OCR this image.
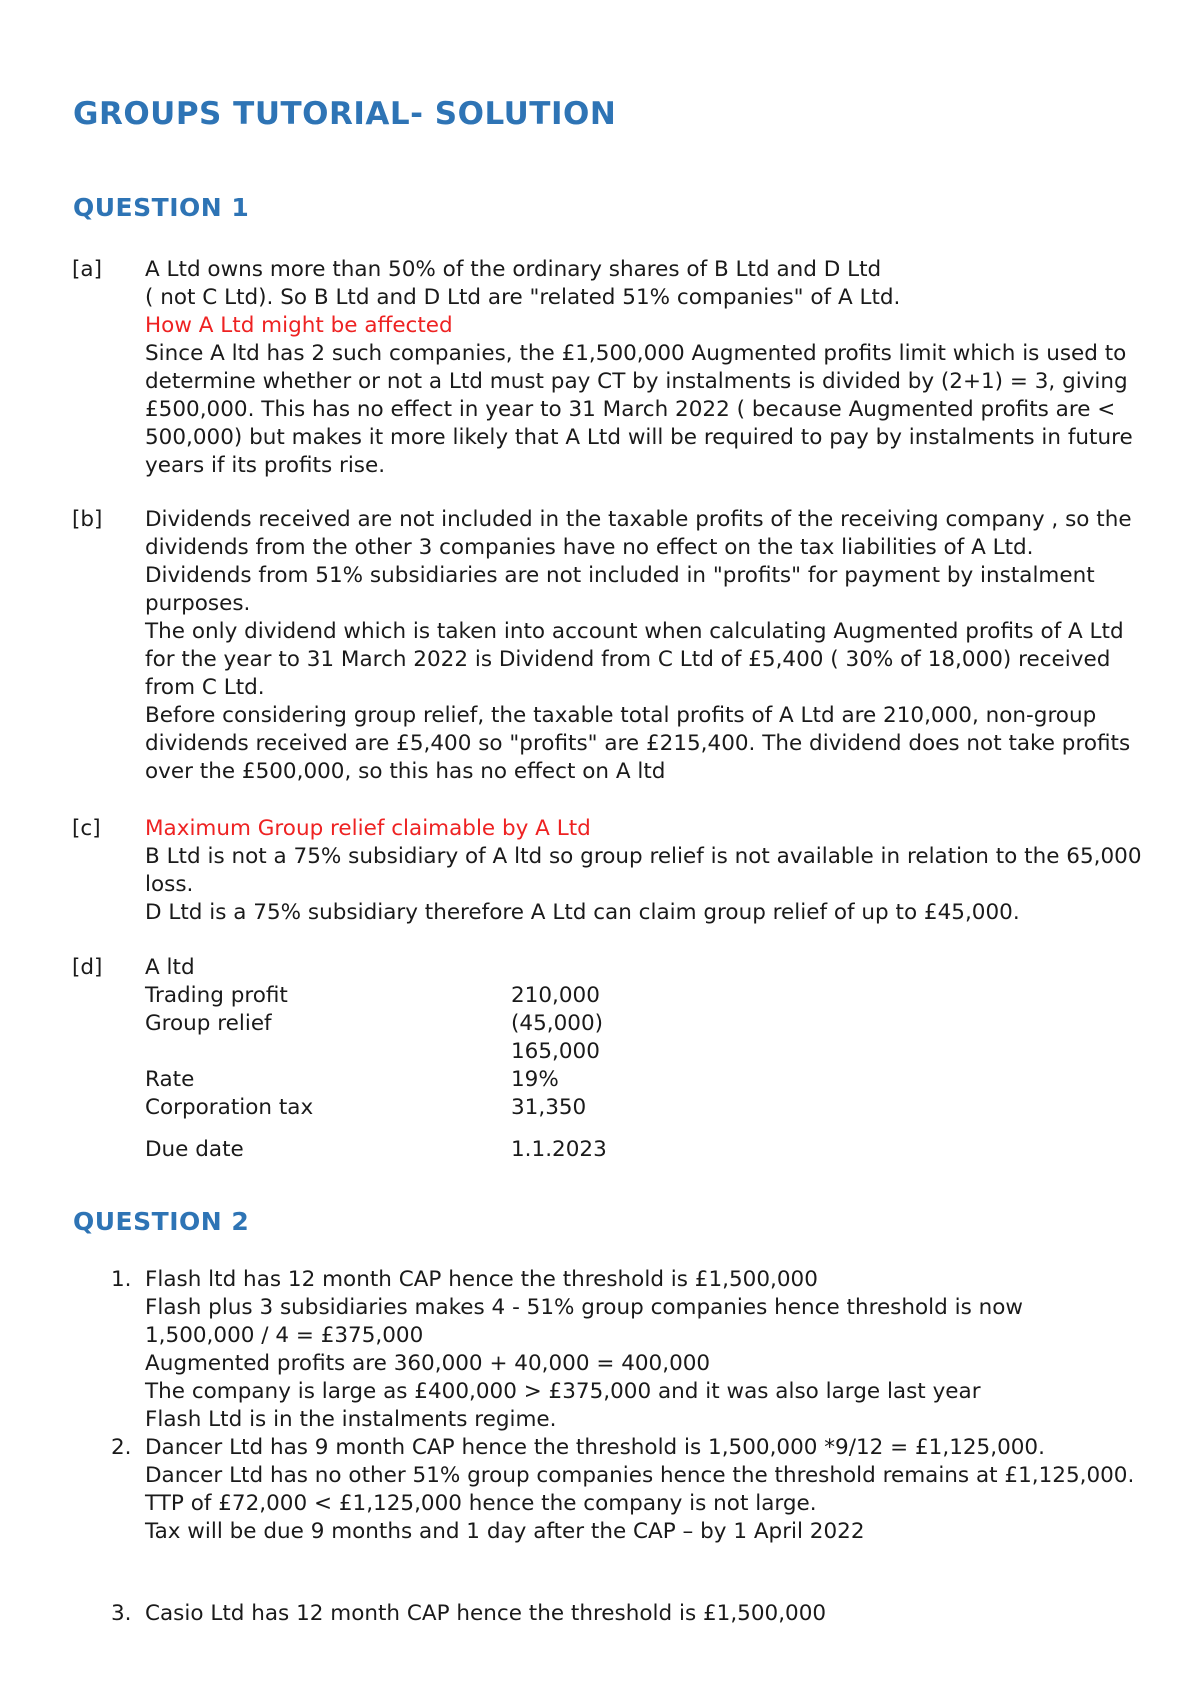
GROUPS TUTORIAL- SOLUTION
QUESTION 1
[a] A Ltd owns more than 50% of the ordinary shares of B Ltd and D Ltd
( not C Ltd). So B Ltd and D Ltd are "related 51% companies" of A Ltd.
How A Ltd might be affected
Since A ltd has 2 such companies, the £1,500,000 Augmented profits limit which is used to
determine whether or not a Ltd must pay CT by instalments is divided by (2+1) = 3, giving
£500,000. This has no effect in year to 31 March 2022 ( because Augmented profits are <
500,000) but makes it more likely that A Ltd will be required to pay by instalments in future
years if its profits rise.
[b] Dividends received are not included in the taxable profits of the receiving company , so the
dividends from the other 3 companies have no effect on the tax liabilities of A Ltd.
Dividends from 51% subsidiaries are not included in "profits" for payment by instalment
purposes.
The only dividend which is taken into account when calculating Augmented profits of A Ltd
for the year to 31 March 2022 is Dividend from C Ltd of £5,400 ( 30% of 18,000) received
from C Ltd.
Before considering group relief, the taxable total profits of A Ltd are 210,000, non-group
dividends received are £5,400 so "profits" are £215,400. The dividend does not take profits
over the £500,000, so this has no effect on A ltd
[c] Maximum Group relief claimable by A Ltd
B Ltd is not a 75% subsidiary of A ltd so group relief is not available in relation to the 65,000
loss.
D Ltd is a 75% subsidiary therefore A Ltd can claim group relief of up to £45,000.
[d] A ltd
Trading profit	210,000
Group relief	(45,000)
165,000
Rate	19%
Corporation tax	31,350
Due date	1.1.2023
QUESTION 2
1. Flash ltd has 12 month CAP hence the threshold is £1,500,000
Flash plus 3 subsidiaries makes 4 - 51% group companies hence threshold is now
1,500,000 / 4 = £375,000
Augmented profits are 360,000 + 40,000 = 400,000
The company is large as £400,000 > £375,000 and it was also large last year
Flash Ltd is in the instalments regime.
2. Dancer Ltd has 9 month CAP hence the threshold is 1,500,000 *9/12 = £1,125,000.
Dancer Ltd has no other 51% group companies hence the threshold remains at £1,125,000.
TTP of £72,000 < £1,125,000 hence the company is not large.
Tax will be due 9 months and 1 day after the CAP – by 1 April 2022
3. Casio Ltd has 12 month CAP hence the threshold is £1,500,000
